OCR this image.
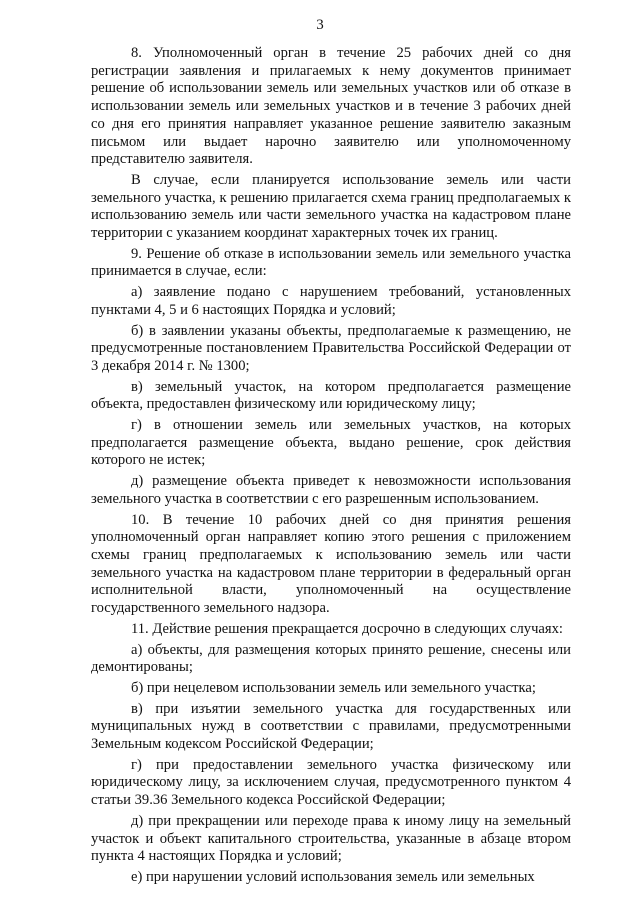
3

8. Уполномоченный орган в течение 25 рабочих дней со дня регистрации заявления и прилагаемых к нему документов принимает решение об использовании земель или земельных участков или об отказе в использовании земель или земельных участков и в течение 3 рабочих дней со дня его принятия направляет указанное решение заявителю заказным письмом или выдает нарочно заявителю или уполномоченному представителю заявителя.

В случае, если планируется использование земель или части земельного участка, к решению прилагается схема границ предполагаемых к использованию земель или части земельного участка на кадастровом плане территории с указанием координат характерных точек их границ.

9. Решение об отказе в использовании земель или земельного участка принимается в случае, если:

а) заявление подано с нарушением требований, установленных пунктами 4, 5 и 6 настоящих Порядка и условий;

б) в заявлении указаны объекты, предполагаемые к размещению, не предусмотренные постановлением Правительства Российской Федерации от 3 декабря 2014 г. № 1300;

в) земельный участок, на котором предполагается размещение объекта, предоставлен физическому или юридическому лицу;

г) в отношении земель или земельных участков, на которых предполагается размещение объекта, выдано решение, срок действия которого не истек;

д) размещение объекта приведет к невозможности использования земельного участка в соответствии с его разрешенным использованием.

10. В течение 10 рабочих дней со дня принятия решения уполномоченный орган направляет копию этого решения с приложением схемы границ предполагаемых к использованию земель или части земельного участка на кадастровом плане территории в федеральный орган исполнительной власти, уполномоченный на осуществление государственного земельного надзора.

11. Действие решения прекращается досрочно в следующих случаях:

а) объекты, для размещения которых принято решение, снесены или демонтированы;

б) при нецелевом использовании земель или земельного участка;

в) при изъятии земельного участка для государственных или муниципальных нужд в соответствии с правилами, предусмотренными Земельным кодексом Российской Федерации;

г) при предоставлении земельного участка физическому или юридическому лицу, за исключением случая, предусмотренного пунктом 4 статьи 39.36 Земельного кодекса Российской Федерации;

д) при прекращении или переходе права к иному лицу на земельный участок и объект капитального строительства, указанные в абзаце втором пункта 4 настоящих Порядка и условий;

е) при нарушении условий использования земель или земельных
